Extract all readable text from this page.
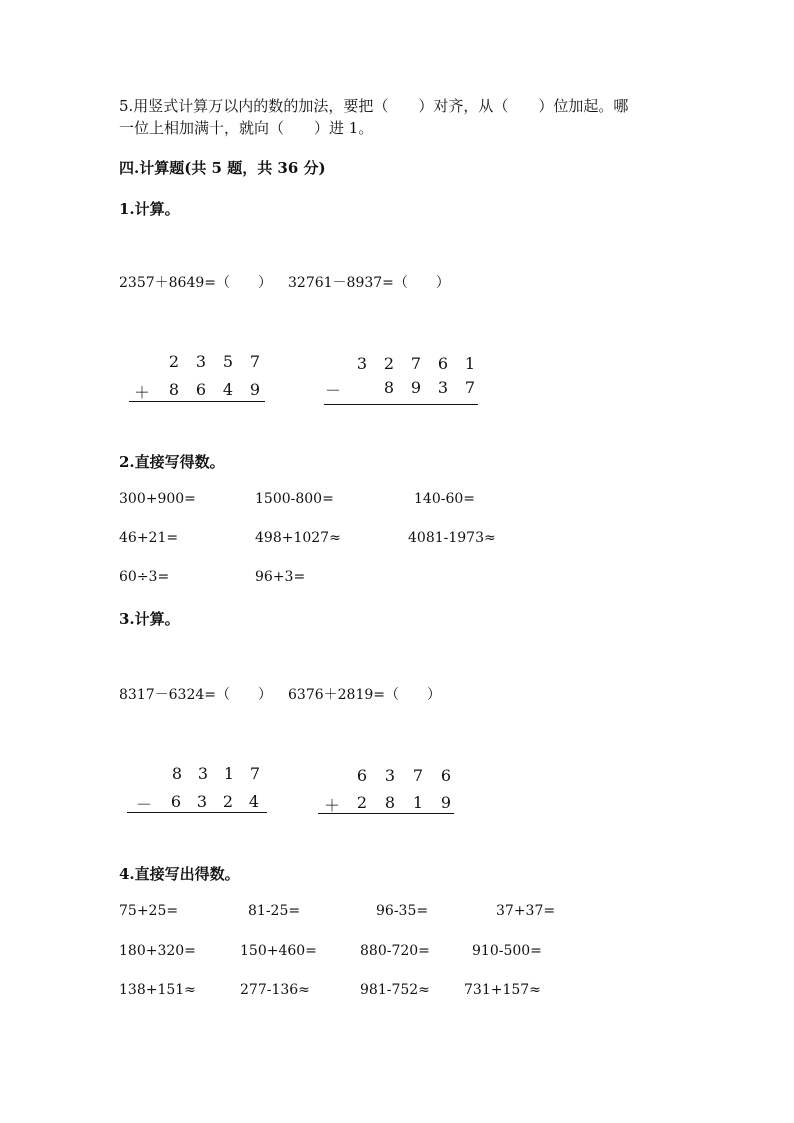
5.用竖式计算万以内的数的加法，要把（　　）对齐，从（　　）位加起。哪
一位上相加满十，就向（　　）进 1。
四.计算题(共 5 题，共 36 分)
1.计算。
2357＋8649=（　　） 32761－8937=（　　）
2 3 5 7
＋ 8 6 4 9
3 2 7 6 1
－	8 9 3 7
2.直接写得数。
300+900=	1500-800=	140-60=
46+21=	498+1027≈	4081-1973≈
60÷3=	96+3=
3.计算。
8317－6324=（　　） 6376＋2819=（　　）
8 3 1 7
－ 6 3 2 4
6 3 7 6
＋ 2 8 1 9
4.直接写出得数。
75+25=	81-25=	96-35=	37+37=
180+320=	150+460=	880-720=	910-500=
138+151≈	277-136≈	981-752≈ 731+157≈
